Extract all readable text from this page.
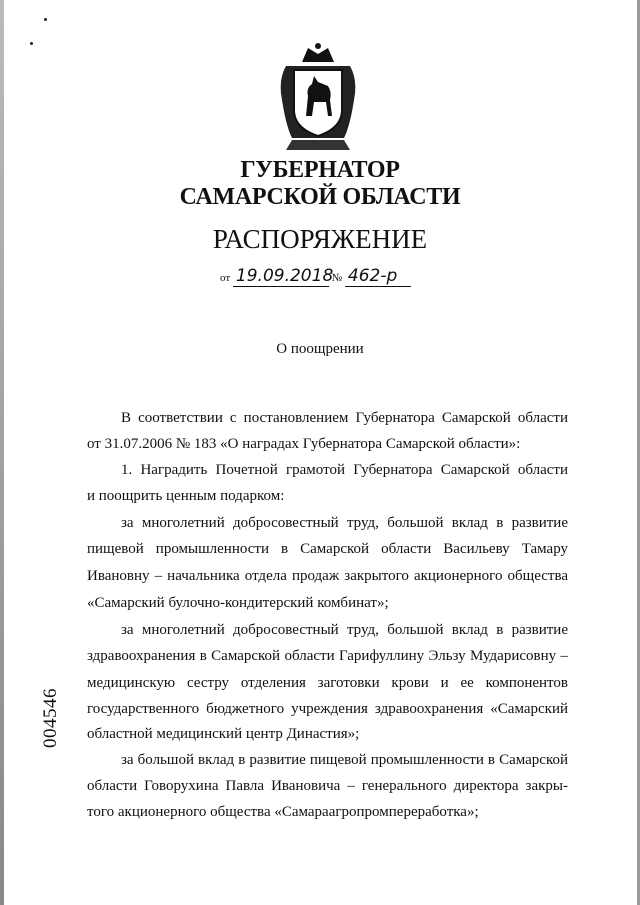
ГУБЕРНАТОР
САМАРСКОЙ ОБЛАСТИ
РАСПОРЯЖЕНИЕ
от 19.09.2018 № 462-р
О поощрении
В соответствии с постановлением Губернатора Самарской области
от 31.07.2006 № 183 «О наградах Губернатора Самарской области»:
1. Наградить Почетной грамотой Губернатора Самарской области
и поощрить ценным подарком:
за многолетний добросовестный труд, большой вклад в развитие
пищевой промышленности в Самарской области Васильеву Тамару
Ивановну – начальника отдела продаж закрытого акционерного общества
«Самарский булочно-кондитерский комбинат»;
за многолетний добросовестный труд, большой вклад в развитие
здравоохранения в Самарской области Гарифуллину Эльзу Мударисовну –
медицинскую сестру отделения заготовки крови и ее компонентов
государственного бюджетного учреждения здравоохранения «Самарский
областной медицинский центр Династия»;
за большой вклад в развитие пищевой промышленности в Самарской
области Говорухина Павла Ивановича – генерального директора закры-
того акционерного общества «Самараагропромпереработка»;
004546
